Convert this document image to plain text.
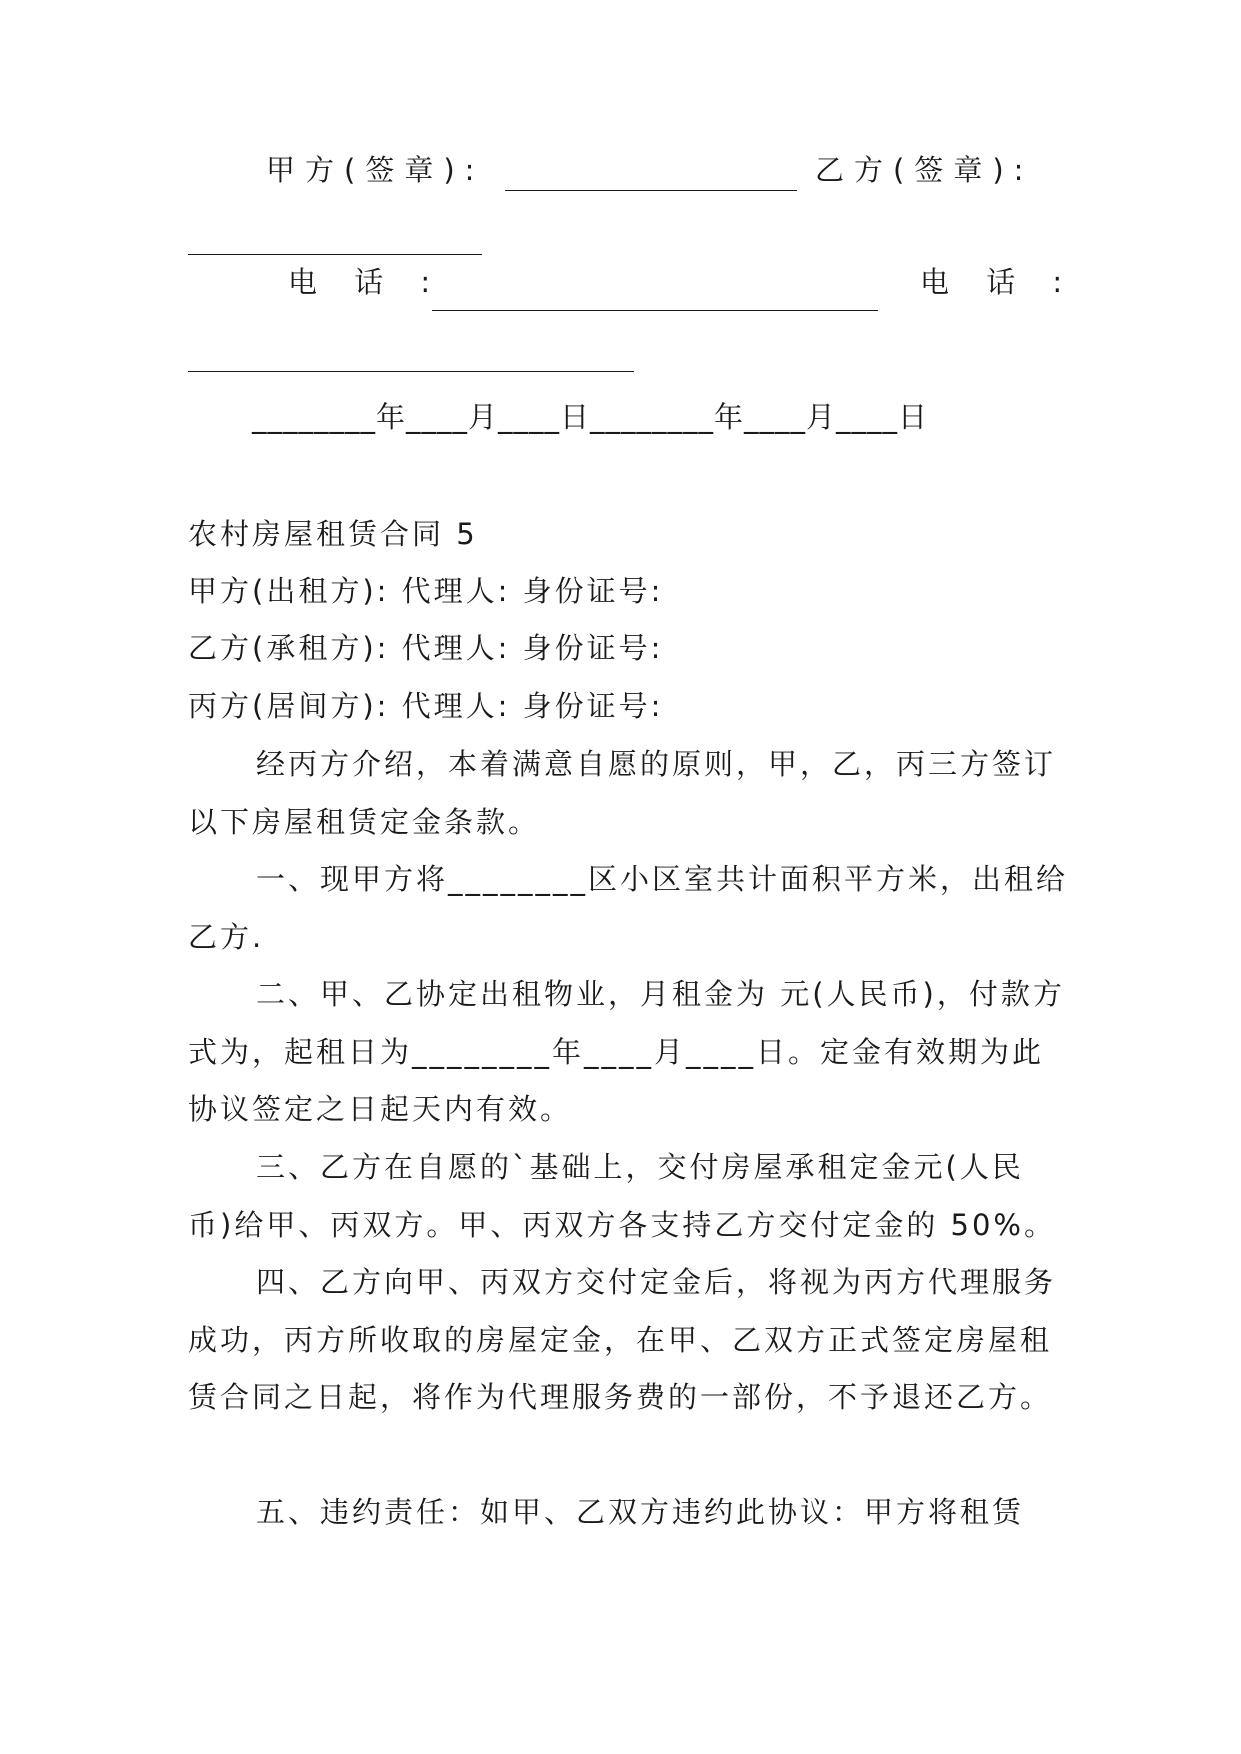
甲方(签章):	乙方(签章):
电 话 :	电 话 :
________年____月____日________年____月____日
农村房屋租赁合同 5
甲方(出租方): 代理人: 身份证号:
乙方(承租方): 代理人: 身份证号:
丙方(居间方): 代理人: 身份证号:
经丙方介绍，本着满意自愿的原则，甲，乙，丙三方签订以下房屋租赁定金条款。
一、现甲方将________区小区室共计面积平方米，出租给乙方.
二、甲、乙协定出租物业，月租金为 元(人民币)，付款方式为，起租日为________年____月____日。定金有效期为此协议签定之日起天内有效。
三、乙方在自愿的`基础上，交付房屋承租定金元(人民币)给甲、丙双方。甲、丙双方各支持乙方交付定金的 50%。
四、乙方向甲、丙双方交付定金后，将视为丙方代理服务成功，丙方所收取的房屋定金，在甲、乙双方正式签定房屋租赁合同之日起，将作为代理服务费的一部份，不予退还乙方。
五、违约责任：如甲、乙双方违约此协议：甲方将租赁
